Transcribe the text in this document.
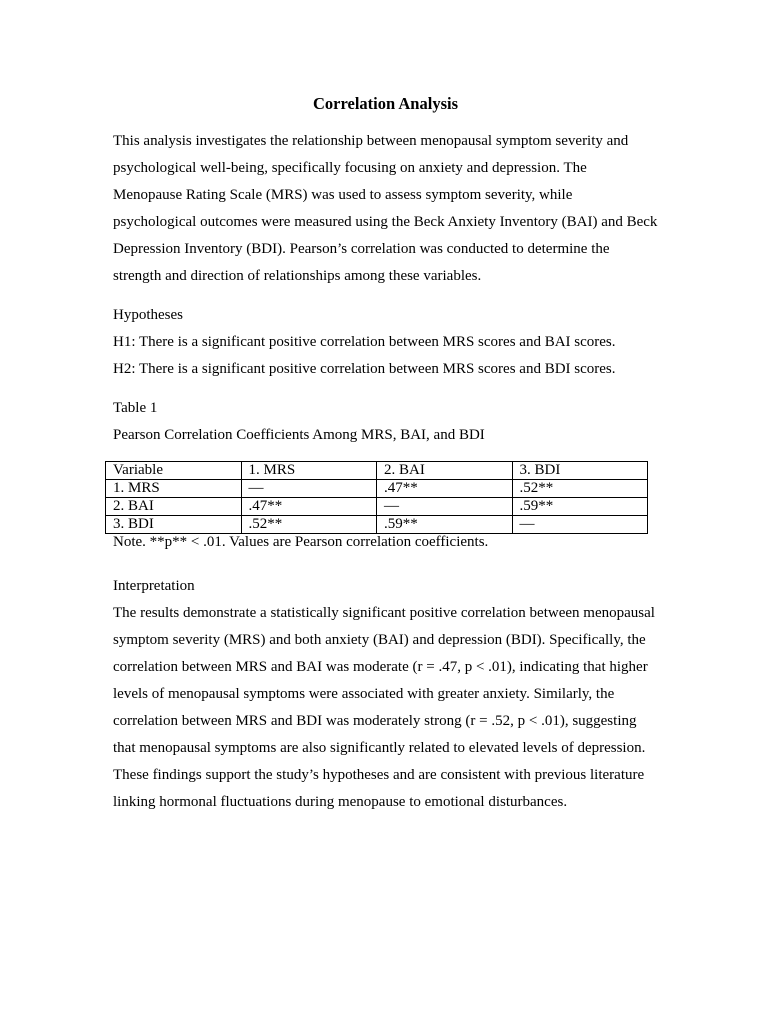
Correlation Analysis

This analysis investigates the relationship between menopausal symptom severity and psychological well-being, specifically focusing on anxiety and depression. The Menopause Rating Scale (MRS) was used to assess symptom severity, while psychological outcomes were measured using the Beck Anxiety Inventory (BAI) and Beck Depression Inventory (BDI). Pearson’s correlation was conducted to determine the strength and direction of relationships among these variables.

Hypotheses

H1: There is a significant positive correlation between MRS scores and BAI scores.

H2: There is a significant positive correlation between MRS scores and BDI scores.

Table 1

Pearson Correlation Coefficients Among MRS, BAI, and BDI

Variable	1. MRS	2. BAI	3. BDI
1. MRS	—	.47**	.52**
2. BAI	.47**	—	.59**
3. BDI	.52**	.59**	—

Note. **p** < .01. Values are Pearson correlation coefficients.

Interpretation

The results demonstrate a statistically significant positive correlation between menopausal symptom severity (MRS) and both anxiety (BAI) and depression (BDI). Specifically, the correlation between MRS and BAI was moderate (r = .47, p < .01), indicating that higher levels of menopausal symptoms were associated with greater anxiety. Similarly, the correlation between MRS and BDI was moderately strong (r = .52, p < .01), suggesting that menopausal symptoms are also significantly related to elevated levels of depression. These findings support the study’s hypotheses and are consistent with previous literature linking hormonal fluctuations during menopause to emotional disturbances.
